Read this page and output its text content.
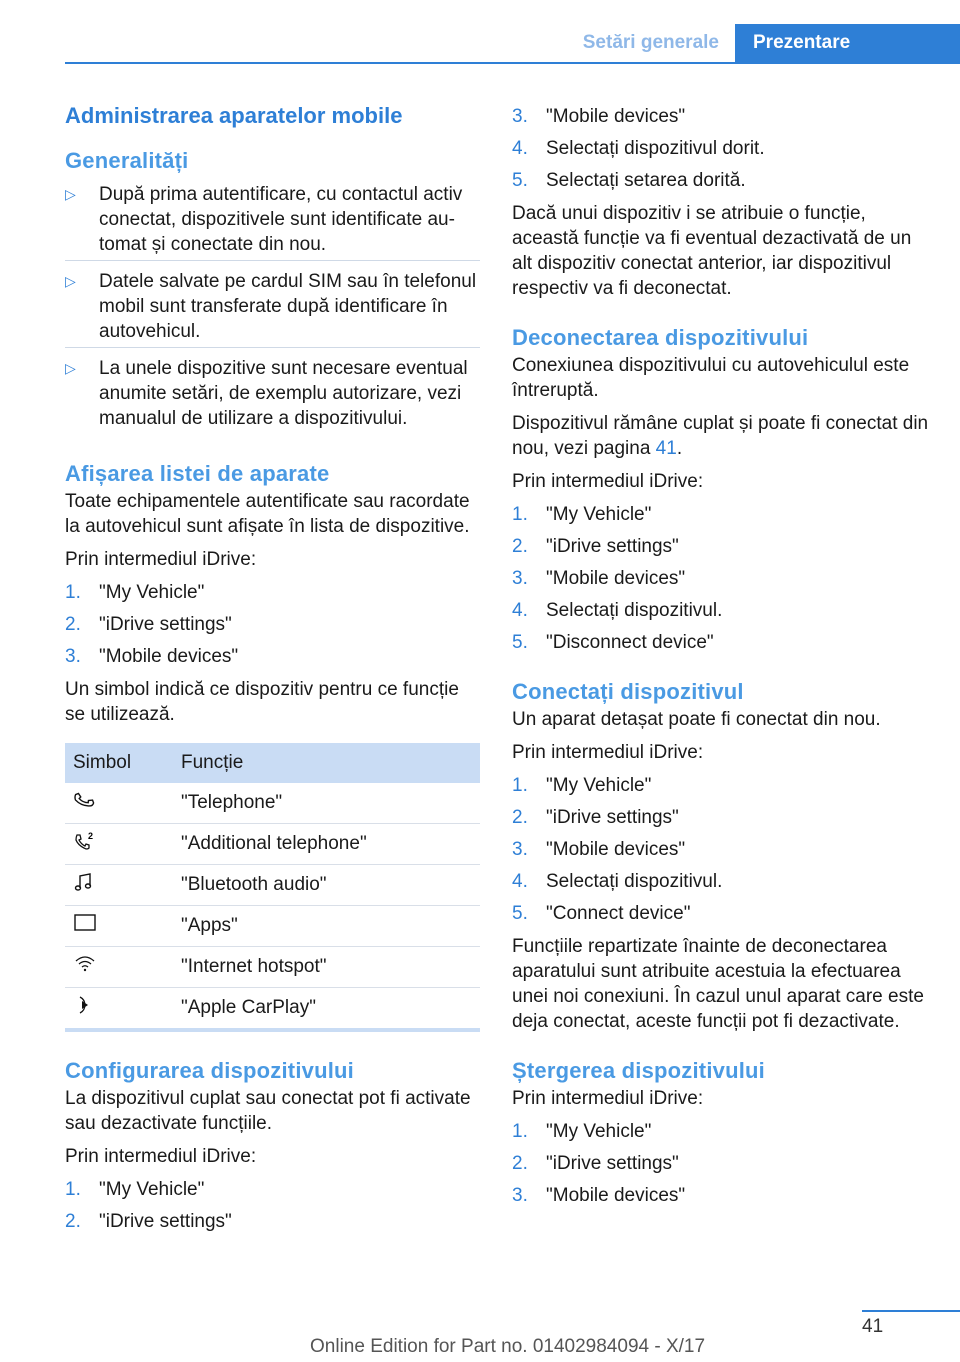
Setări generale	Prezentare
Administrarea aparatelor mobile
Generalități
▷ După prima autentificare, cu contactul activ conectat, dispozitivele sunt identificate automat și conectate din nou.
▷ Datele salvate pe cardul SIM sau în telefonul mobil sunt transferate după identificare în autovehicul.
▷ La unele dispozitive sunt necesare eventual anumite setări, de exemplu autorizare, vezi manualul de utilizare a dispozitivului.
Afișarea listei de aparate

Toate echipamentele autentificate sau racordate la autovehicul sunt afișate în lista de dispozitive.

Prin intermediul iDrive:

1. "My Vehicle"
2. "iDrive settings"
3. "Mobile devices"

Un simbol indică ce dispozitiv pentru ce funcție se utilizează.

Simbol	Funcție
	"Telephone"

2	"Additional telephone"
	"Bluetooth audio"
	"Apps"
	"Internet hotspot"
	"Apple CarPlay"
Configurarea dispozitivului

La dispozitivul cuplat sau conectat pot fi activate sau dezactivate funcțiile.

Prin intermediul iDrive:

1. "My Vehicle"
2. "iDrive settings"
3. "Mobile devices"
4. Selectați dispozitivul dorit.
5. Selectați setarea dorită.

Dacă unui dispozitiv i se atribuie o funcție, această funcție va fi eventual dezactivată de un alt dispozitiv conectat anterior, iar dispozitivul respectiv va fi deconectat.

Deconectarea dispozitivului

Conexiunea dispozitivului cu autovehiculul este întreruptă.

Dispozitivul rămâne cuplat și poate fi conectat din nou, vezi pagina 41.

Prin intermediul iDrive:

1. "My Vehicle"
2. "iDrive settings"
3. "Mobile devices"
4. Selectați dispozitivul.
5. "Disconnect device"
Conectați dispozitivul

Un aparat detașat poate fi conectat din nou.

Prin intermediul iDrive:

1. "My Vehicle"
2. "iDrive settings"
3. "Mobile devices"
4. Selectați dispozitivul.
5. "Connect device"

Funcțiile repartizate înainte de deconectarea aparatului sunt atribuite acestuia la efectuarea unei noi conexiuni. În cazul unul aparat care este deja conectat, aceste funcții pot fi dezactivate.

Ștergerea dispozitivului

Prin intermediul iDrive:

1. "My Vehicle"
2. "iDrive settings"
3. "Mobile devices"
41
Online Edition for Part no. 01402984094 - X/17
